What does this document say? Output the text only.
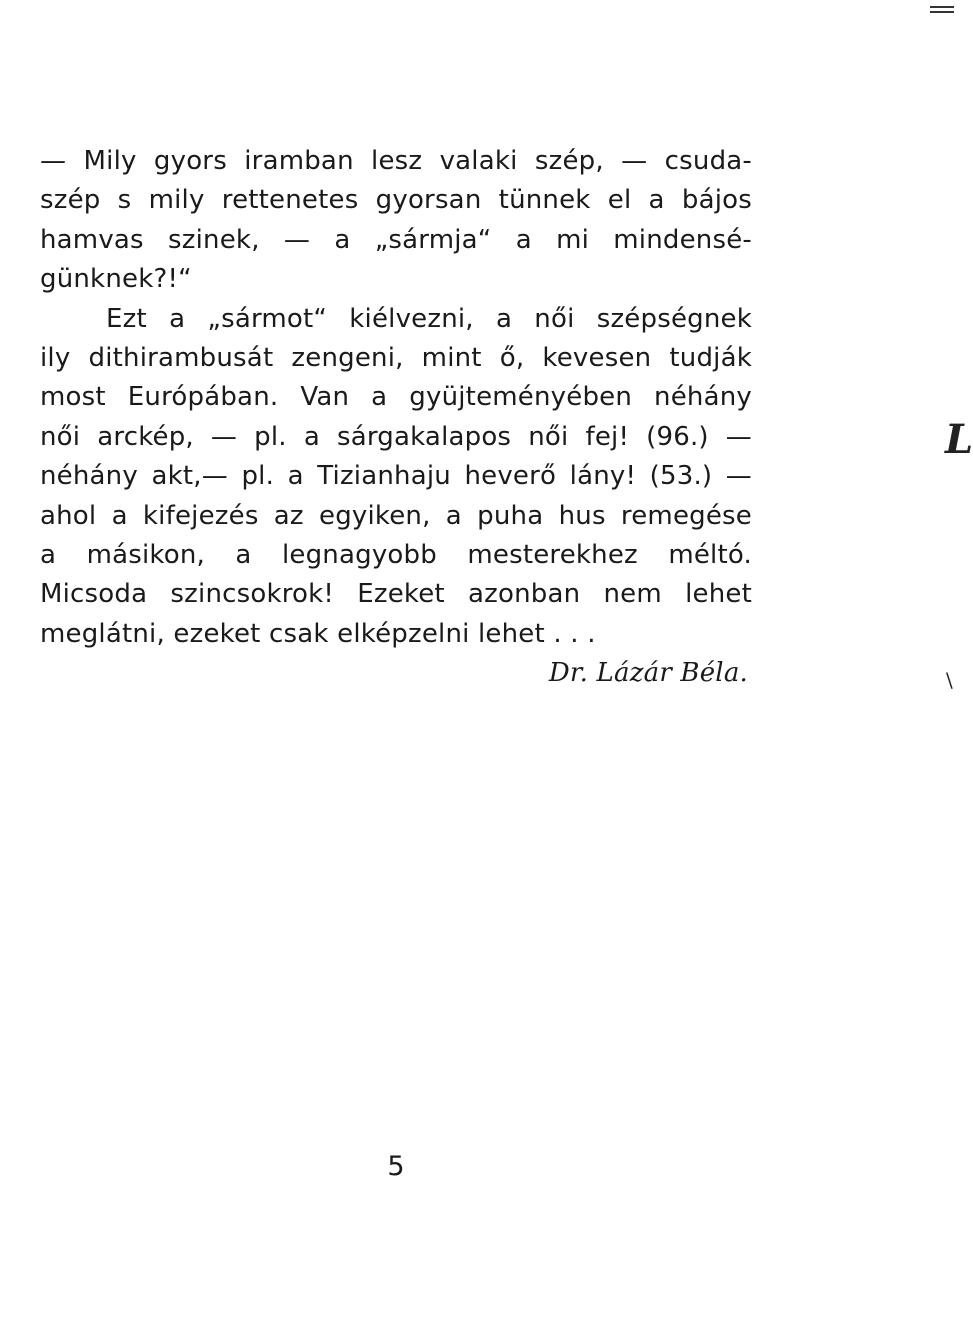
— Mily gyors iramban lesz valaki szép, — csuda-
szép s mily rettenetes gyorsan tünnek el a bájos
hamvas szinek, — a „sármja“ a mi mindensé-
günknek?!“
Ezt a „sármot“ kiélvezni, a női szépségnek
ily dithirambusát zengeni, mint ő, kevesen tudják
most Európában. Van a gyüjteményében néhány
női arckép, — pl. a sárgakalapos női fej! (96.) —
néhány akt,— pl. a Tizianhaju heverő lány! (53.) —
ahol a kifejezés az egyiken, a puha hus remegése
a másikon, a legnagyobb mesterekhez méltó.
Micsoda szincsokrok! Ezeket azonban nem lehet
meglátni, ezeket csak elképzelni lehet . . .
Dr. Lázár Béla.
5
L
\
